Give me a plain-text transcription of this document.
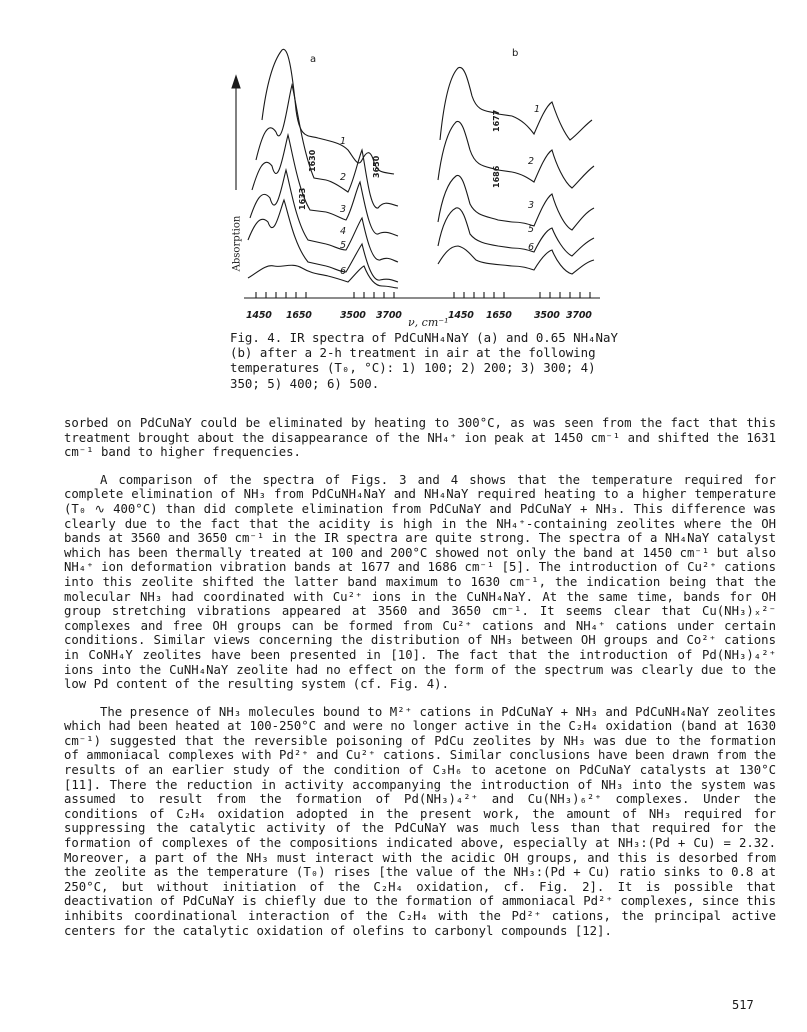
a
b
Absorption
1630
1633
3650
1677
1686
1
2
3
4
5
6
1
2
3
5
6
1450 1650	3500 3700	1450 1650 3500 3700
ν, cm⁻¹
Fig. 4. IR spectra of PdCuNH₄NaY (a) and 0.65 NH₄NaY
(b) after a 2-h treatment in air at the following
temperatures (T₀, °C): 1) 100; 2) 200; 3) 300; 4)
350; 5) 400; 6) 500.

sorbed on PdCuNaY could be eliminated by heating to 300°C, as was seen from the fact that this treatment brought about the disappearance of the NH₄⁺ ion peak at 1450 cm⁻¹ and shifted the 1631 cm⁻¹ band to higher frequencies.

A comparison of the spectra of Figs. 3 and 4 shows that the temperature required for complete elimination of NH₃ from PdCuNH₄NaY and NH₄NaY required heating to a higher temperature (T₀ ∿ 400°C) than did complete elimination from PdCuNaY and PdCuNaY + NH₃. This difference was clearly due to the fact that the acidity is high in the NH₄⁺-containing zeolites where the OH bands at 3560 and 3650 cm⁻¹ in the IR spectra are quite strong. The spectra of a NH₄NaY catalyst which has been thermally treated at 100 and 200°C showed not only the band at 1450 cm⁻¹ but also NH₄⁺ ion deformation vibration bands at 1677 and 1686 cm⁻¹ [5]. The introduction of Cu²⁺ cations into this zeolite shifted the latter band maximum to 1630 cm⁻¹, the indication being that the molecular NH₃ had coordinated with Cu²⁺ ions in the CuNH₄NaY. At the same time, bands for OH group stretching vibrations appeared at 3560 and 3650 cm⁻¹. It seems clear that Cu(NH₃)ₓ²⁻ complexes and free OH groups can be formed from Cu²⁺ cations and NH₄⁺ cations under certain conditions. Similar views concerning the distribution of NH₃ between OH groups and Co²⁺ cations in CoNH₄Y zeolites have been presented in [10]. The fact that the introduction of Pd(NH₃)₄²⁺ ions into the CuNH₄NaY zeolite had no effect on the form of the spectrum was clearly due to the low Pd content of the resulting system (cf. Fig. 4).

The presence of NH₃ molecules bound to M²⁺ cations in PdCuNaY + NH₃ and PdCuNH₄NaY zeolites which had been heated at 100-250°C and were no longer active in the C₂H₄ oxidation (band at 1630 cm⁻¹) suggested that the reversible poisoning of PdCu zeolites by NH₃ was due to the formation of ammoniacal complexes with Pd²⁺ and Cu²⁺ cations. Similar conclusions have been drawn from the results of an earlier study of the condition of C₃H₆ to acetone on PdCuNaY catalysts at 130°C [11]. There the reduction in activity accompanying the introduction of NH₃ into the system was assumed to result from the formation of Pd(NH₃)₄²⁺ and Cu(NH₃)₆²⁺ complexes. Under the conditions of C₂H₄ oxidation adopted in the present work, the amount of NH₃ required for suppressing the catalytic activity of the PdCuNaY was much less than that required for the formation of complexes of the compositions indicated above, especially at NH₃:(Pd + Cu) = 2.32. Moreover, a part of the NH₃ must interact with the acidic OH groups, and this is desorbed from the zeolite as the temperature (T₀) rises [the value of the NH₃:(Pd + Cu) ratio sinks to 0.8 at 250°C, but without initiation of the C₂H₄ oxidation, cf. Fig. 2]. It is possible that deactivation of PdCuNaY is chiefly due to the formation of ammoniacal Pd²⁺ complexes, since this inhibits coordinational interaction of the C₂H₄ with the Pd²⁺ cations, the principal active centers for the catalytic oxidation of olefins to carbonyl compounds [12].

517
